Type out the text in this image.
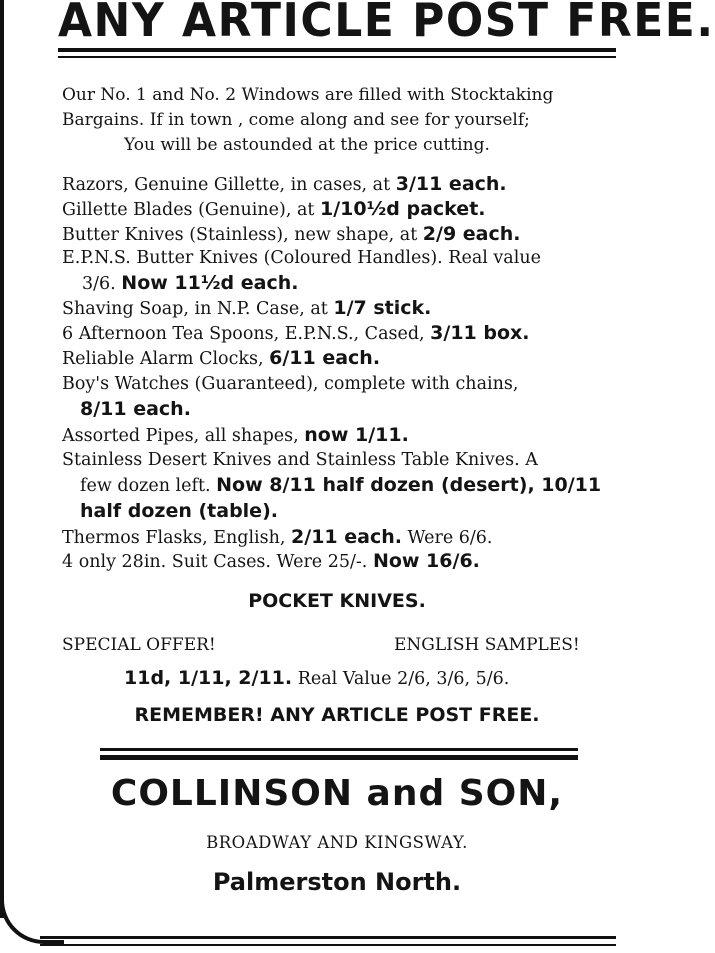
ANY ARTICLE POST FREE.
Our No. 1 and No. 2 Windows are filled with Stocktaking
Bargains. If in town , come along and see for yourself;
You will be astounded at the price cutting.
Razors, Genuine Gillette, in cases, at 3/11 each.
Gillette Blades (Genuine), at 1/10½d packet.
Butter Knives (Stainless), new shape, at 2/9 each.
E.P.N.S. Butter Knives (Coloured Handles). Real value
3/6. Now 11½d each.
Shaving Soap, in N.P. Case, at 1/7 stick.
6 Afternoon Tea Spoons, E.P.N.S., Cased, 3/11 box.
Reliable Alarm Clocks, 6/11 each.
Boy's Watches (Guaranteed), complete with chains,
8/11 each.
Assorted Pipes, all shapes, now 1/11.
Stainless Desert Knives and Stainless Table Knives. A
few dozen left. Now 8/11 half dozen (desert), 10/11
half dozen (table).
Thermos Flasks, English, 2/11 each. Were 6/6.
4 only 28in. Suit Cases. Were 25/-. Now 16/6.
POCKET KNIVES.
SPECIAL OFFER!	ENGLISH SAMPLES!
11d, 1/11, 2/11. Real Value 2/6, 3/6, 5/6.
REMEMBER! ANY ARTICLE POST FREE.
COLLINSON and SON,
BROADWAY AND KINGSWAY.
Palmerston North.
